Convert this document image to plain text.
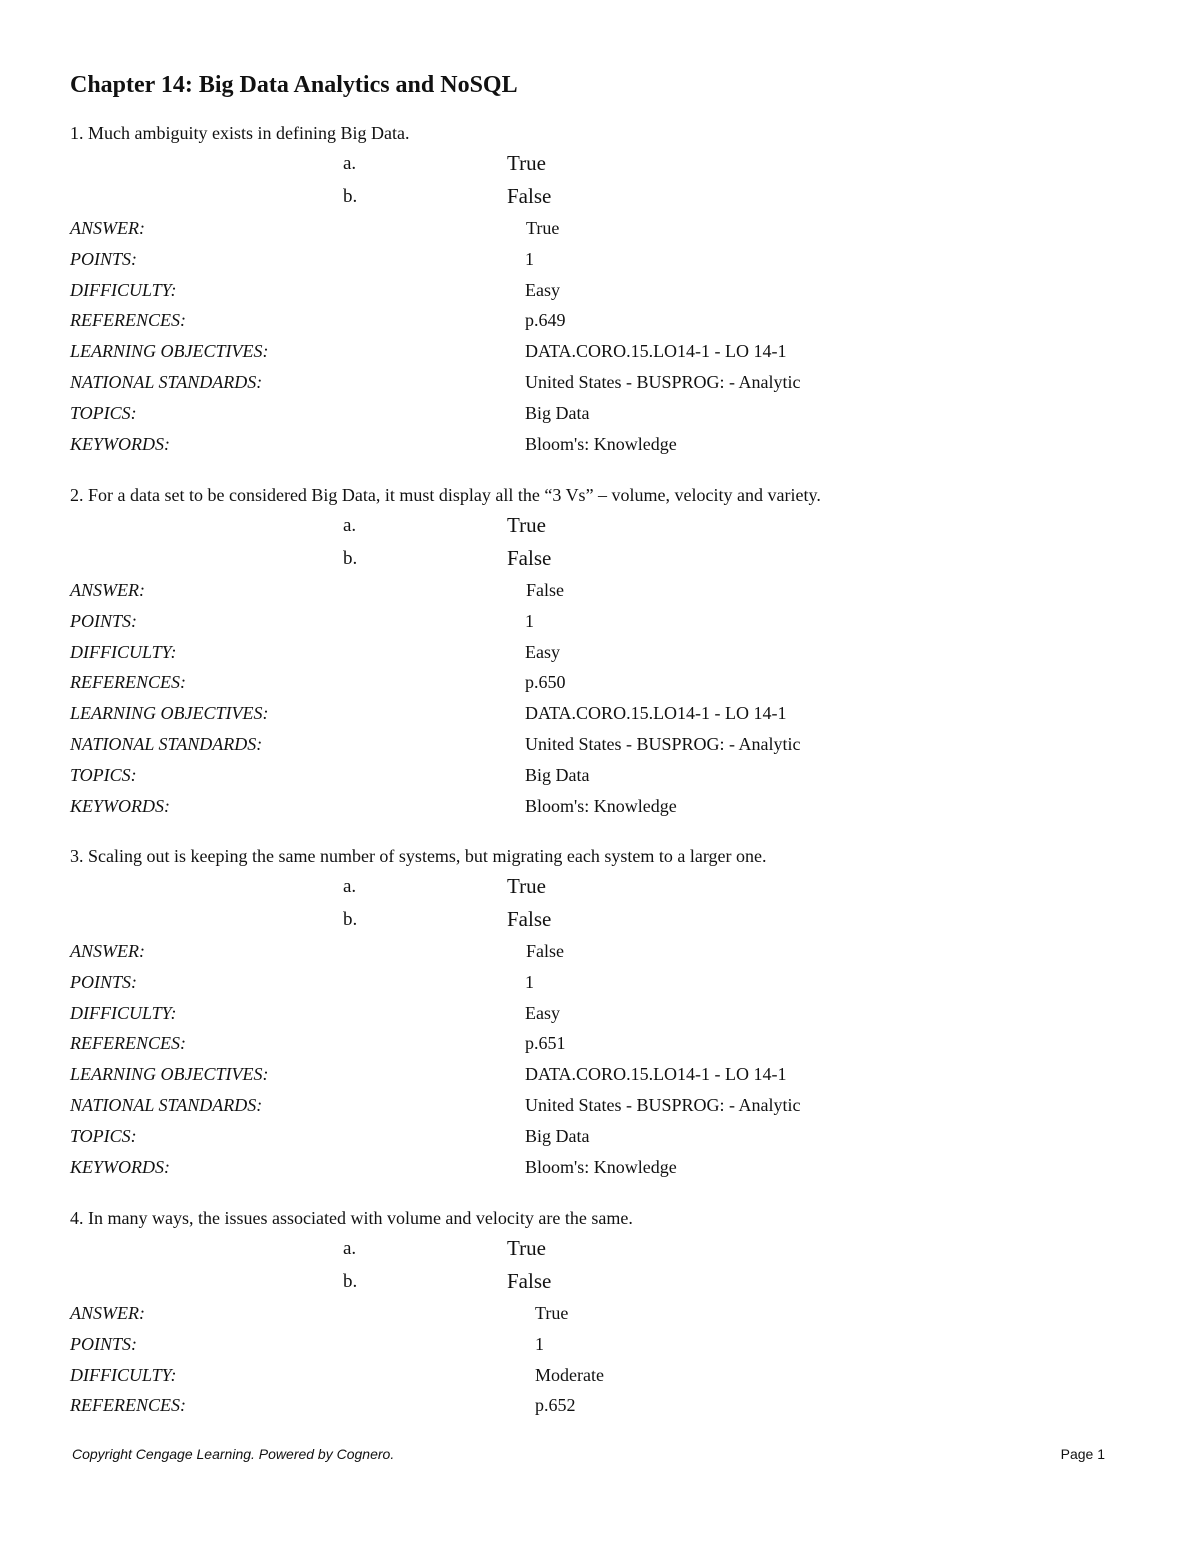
Chapter 14: Big Data Analytics and NoSQL
1. Much ambiguity exists in defining Big Data.
a.	True
b.	False
ANSWER:	True
POINTS:	1
DIFFICULTY:	Easy
REFERENCES:	p.649
LEARNING OBJECTIVES:	DATA.CORO.15.LO14-1 - LO 14-1
NATIONAL STANDARDS:	United States - BUSPROG: - Analytic
TOPICS:	Big Data
KEYWORDS:	Bloom's: Knowledge
2. For a data set to be considered Big Data, it must display all the “3 Vs” – volume, velocity and variety.
a.	True
b.	False
ANSWER:	False
POINTS:	1
DIFFICULTY:	Easy
REFERENCES:	p.650
LEARNING OBJECTIVES:	DATA.CORO.15.LO14-1 - LO 14-1
NATIONAL STANDARDS:	United States - BUSPROG: - Analytic
TOPICS:	Big Data
KEYWORDS:	Bloom's: Knowledge
3. Scaling out is keeping the same number of systems, but migrating each system to a larger one.
a.	True
b.	False
ANSWER:	False
POINTS:	1
DIFFICULTY:	Easy
REFERENCES:	p.651
LEARNING OBJECTIVES:	DATA.CORO.15.LO14-1 - LO 14-1
NATIONAL STANDARDS:	United States - BUSPROG: - Analytic
TOPICS:	Big Data
KEYWORDS:	Bloom's: Knowledge
4. In many ways, the issues associated with volume and velocity are the same.
a.	True
b.	False
ANSWER:	True
POINTS:	1
DIFFICULTY:	Moderate
REFERENCES:	p.652
Copyright Cengage Learning. Powered by Cognero.	Page 1
